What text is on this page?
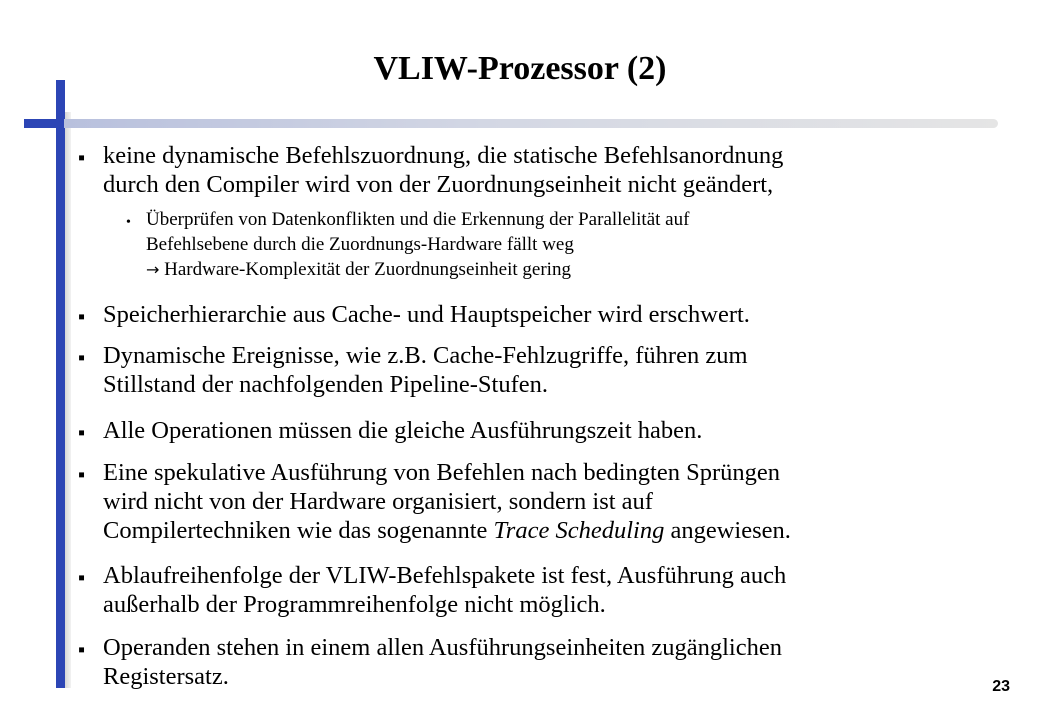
VLIW-Prozessor (2)
▪ keine dynamische Befehlszuordnung, die statische Befehlsanordnung
durch den Compiler wird von der Zuordnungseinheit nicht geändert,
• Überprüfen von Datenkonflikten und die Erkennung der Parallelität auf
Befehlsebene durch die Zuordnungs-Hardware fällt weg
→ Hardware-Komplexität der Zuordnungseinheit gering
▪ Speicherhierarchie aus Cache- und Hauptspeicher wird erschwert.
▪ Dynamische Ereignisse, wie z.B. Cache-Fehlzugriffe, führen zum
Stillstand der nachfolgenden Pipeline-Stufen.
▪ Alle Operationen müssen die gleiche Ausführungszeit haben.
▪ Eine spekulative Ausführung von Befehlen nach bedingten Sprüngen
wird nicht von der Hardware organisiert, sondern ist auf
Compilertechniken wie das sogenannte Trace Scheduling angewiesen.
▪ Ablaufreihenfolge der VLIW-Befehlspakete ist fest, Ausführung auch
außerhalb der Programmreihenfolge nicht möglich.
▪ Operanden stehen in einem allen Ausführungseinheiten zugänglichen
Registersatz.	23
